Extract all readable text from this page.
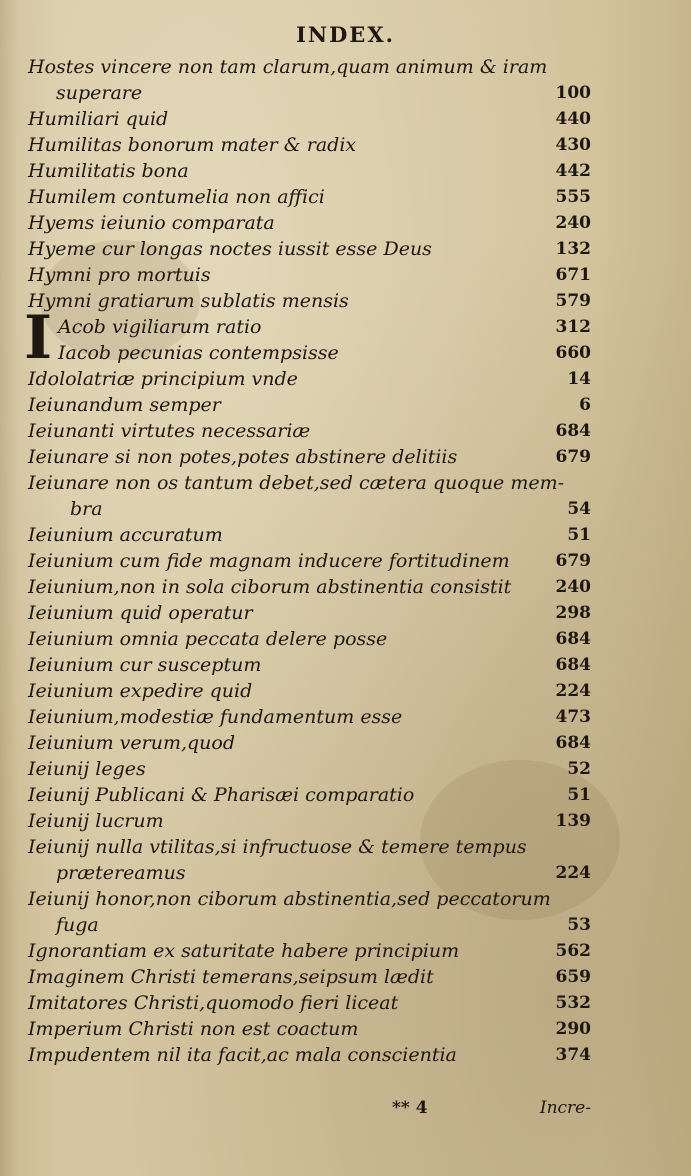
INDEX.
Hostes vincere non tam clarum,quam animum & iram
superare	100
Humiliari quid	440
Humilitas bonorum mater & radix	430
Humilitatis bona	442
Humilem contumelia non affici	555
Hyems ieiunio comparata	240
Hyeme cur longas noctes iussit esse Deus	132
Hymni pro mortuis	671
Hymni gratiarum sublatis mensis	579
I Acob vigiliarum ratio	312
Iacob pecunias contempsisse	660
Idololatriæ principium vnde	14
Ieiunandum semper	6
Ieiunanti virtutes necessariæ	684
Ieiunare si non potes,potes abstinere delitiis	679
Ieiunare non os tantum debet,sed cætera quoque mem-
bra	54
Ieiunium accuratum	51
Ieiunium cum fide magnam inducere fortitudinem	679
Ieiunium,non in sola ciborum abstinentia consistit	240
Ieiunium quid operatur	298
Ieiunium omnia peccata delere posse	684
Ieiunium cur susceptum	684
Ieiunium expedire quid	224
Ieiunium,modestiæ fundamentum esse	473
Ieiunium verum,quod	684
Ieiunij leges	52
Ieiunij Publicani & Pharisæi comparatio	51
Ieiunij lucrum	139
Ieiunij nulla vtilitas,si infructuose & temere tempus
prætereamus	224
Ieiunij honor,non ciborum abstinentia,sed peccatorum
fuga	53
Ignorantiam ex saturitate habere principium	562
Imaginem Christi temerans,seipsum lædit	659
Imitatores Christi,quomodo fieri liceat	532
Imperium Christi non est coactum	290
Impudentem nil ita facit,ac mala conscientia	374
** 4	Incre-
